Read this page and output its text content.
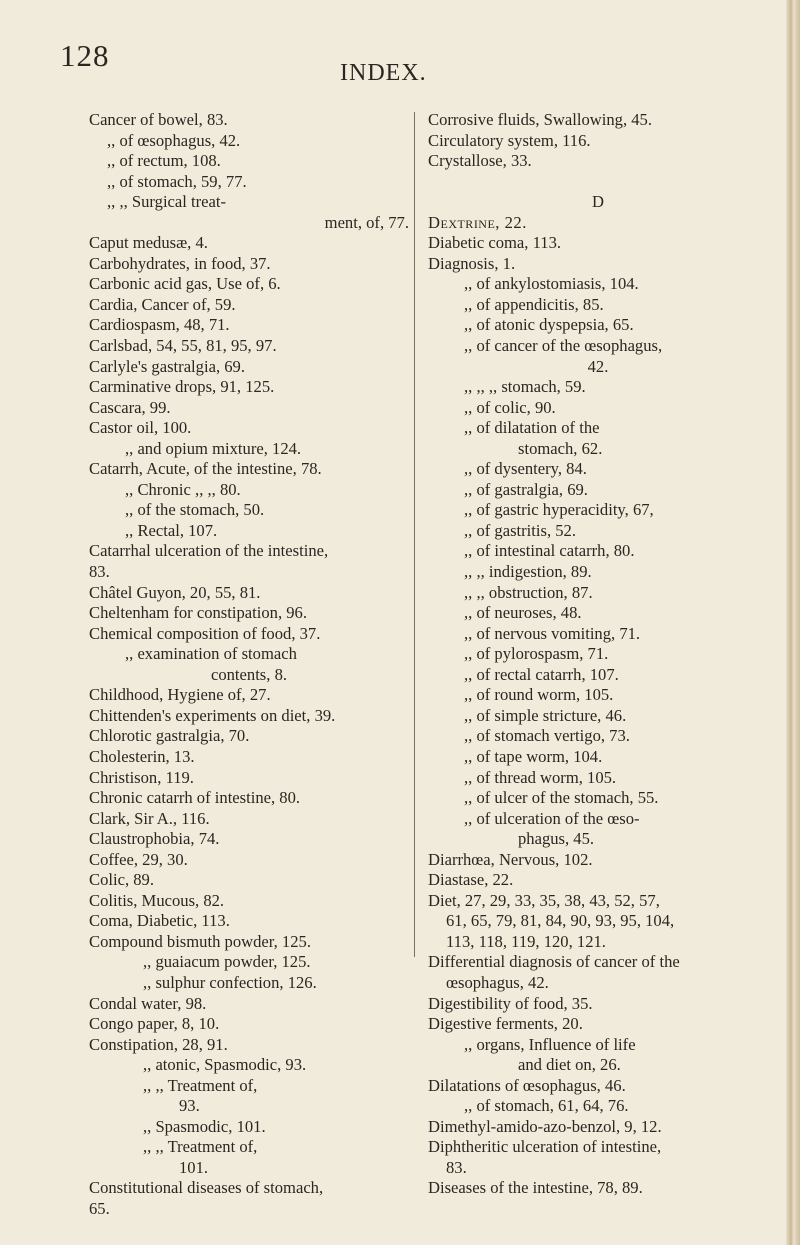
128	INDEX.
Cancer of bowel, 83.
,, of œsophagus, 42.
,, of rectum, 108.
,, of stomach, 59, 77.
,, ,, Surgical treat-
ment, of, 77.
Caput medusæ, 4.
Carbohydrates, in food, 37.
Carbonic acid gas, Use of, 6.
Cardia, Cancer of, 59.
Cardiospasm, 48, 71.
Carlsbad, 54, 55, 81, 95, 97.
Carlyle's gastralgia, 69.
Carminative drops, 91, 125.
Cascara, 99.
Castor oil, 100.
,, and opium mixture, 124.
Catarrh, Acute, of the intestine, 78.
,, Chronic ,, ,, 80.
,, of the stomach, 50.
,, Rectal, 107.
Catarrhal ulceration of the intestine,
83.
Châtel Guyon, 20, 55, 81.
Cheltenham for constipation, 96.
Chemical composition of food, 37.
,, examination of stomach
contents, 8.
Childhood, Hygiene of, 27.
Chittenden's experiments on diet, 39.
Chlorotic gastralgia, 70.
Cholesterin, 13.
Christison, 119.
Chronic catarrh of intestine, 80.
Clark, Sir A., 116.
Claustrophobia, 74.
Coffee, 29, 30.
Colic, 89.
Colitis, Mucous, 82.
Coma, Diabetic, 113.
Compound bismuth powder, 125.
,, guaiacum powder, 125.
,, sulphur confection, 126.
Condal water, 98.
Congo paper, 8, 10.
Constipation, 28, 91.
,, atonic, Spasmodic, 93.
,, ,, Treatment of,
93.
,, Spasmodic, 101.
,, ,, Treatment of,
101.
Constitutional diseases of stomach,
65.
Corrosive fluids, Swallowing, 45.
Circulatory system, 116.
Crystallose, 33.

D
Dextrine, 22.
Diabetic coma, 113.
Diagnosis, 1.
,, of ankylostomiasis, 104.
,, of appendicitis, 85.
,, of atonic dyspepsia, 65.
,, of cancer of the œsophagus,
42.
,, ,, ,, stomach, 59.
,, of colic, 90.
,, of dilatation of the
stomach, 62.
,, of dysentery, 84.
,, of gastralgia, 69.
,, of gastric hyperacidity, 67,
,, of gastritis, 52.
,, of intestinal catarrh, 80.
,, ,, indigestion, 89.
,, ,, obstruction, 87.
,, of neuroses, 48.
,, of nervous vomiting, 71.
,, of pylorospasm, 71.
,, of rectal catarrh, 107.
,, of round worm, 105.
,, of simple stricture, 46.
,, of stomach vertigo, 73.
,, of tape worm, 104.
,, of thread worm, 105.
,, of ulcer of the stomach, 55.
,, of ulceration of the œso-
phagus, 45.
Diarrhœa, Nervous, 102.
Diastase, 22.
Diet, 27, 29, 33, 35, 38, 43, 52, 57,
61, 65, 79, 81, 84, 90, 93, 95, 104,
113, 118, 119, 120, 121.
Differential diagnosis of cancer of the
œsophagus, 42.
Digestibility of food, 35.
Digestive ferments, 20.
,, organs, Influence of life
and diet on, 26.
Dilatations of œsophagus, 46.
,, of stomach, 61, 64, 76.
Dimethyl-amido-azo-benzol, 9, 12.
Diphtheritic ulceration of intestine,
83.
Diseases of the intestine, 78, 89.
